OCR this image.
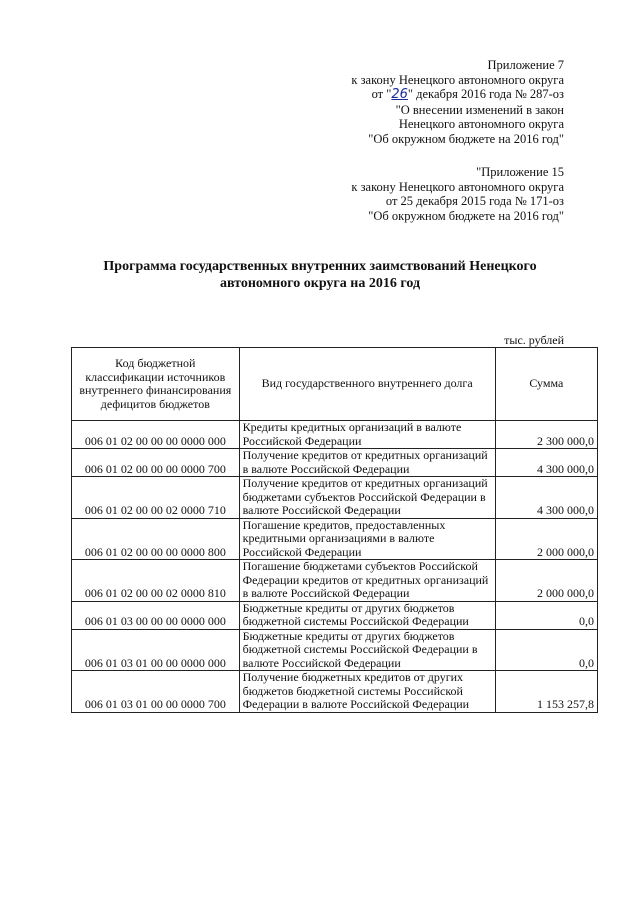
Приложение 7
к закону Ненецкого автономного округа
от "26" декабря 2016 года № 287-оз
"О внесении изменений в закон
Ненецкого автономного округа
"Об окружном бюджете на 2016 год"
"Приложение 15
к закону Ненецкого автономного округа
от 25 декабря 2015 года № 171-оз
"Об окружном бюджете на 2016 год"
Программа государственных внутренних заимствований Ненецкого
автономного округа на 2016 год
тыс. рублей
Код бюджетной классификации источников внутреннего финансирования дефицитов бюджетов	Вид государственного внутреннего долга	Сумма
006 01 02 00 00 00 0000 000	Кредиты кредитных организаций в валюте Российской Федерации	2 300 000,0
006 01 02 00 00 00 0000 700	Получение кредитов от кредитных организаций в валюте Российской Федерации	4 300 000,0
006 01 02 00 00 02 0000 710	Получение кредитов от кредитных организаций бюджетами субъектов Российской Федерации в валюте Российской Федерации	4 300 000,0
006 01 02 00 00 00 0000 800	Погашение кредитов, предоставленных кредитными организациями в валюте Российской Федерации	2 000 000,0
006 01 02 00 00 02 0000 810	Погашение бюджетами субъектов Российской Федерации кредитов от кредитных организаций в валюте Российской Федерации	2 000 000,0
006 01 03 00 00 00 0000 000	Бюджетные кредиты от других бюджетов бюджетной системы Российской Федерации	0,0
006 01 03 01 00 00 0000 000	Бюджетные кредиты от других бюджетов бюджетной системы Российской Федерации в валюте Российской Федерации	0,0
006 01 03 01 00 00 0000 700	Получение бюджетных кредитов от других бюджетов бюджетной системы Российской Федерации в валюте Российской Федерации	1 153 257,8
